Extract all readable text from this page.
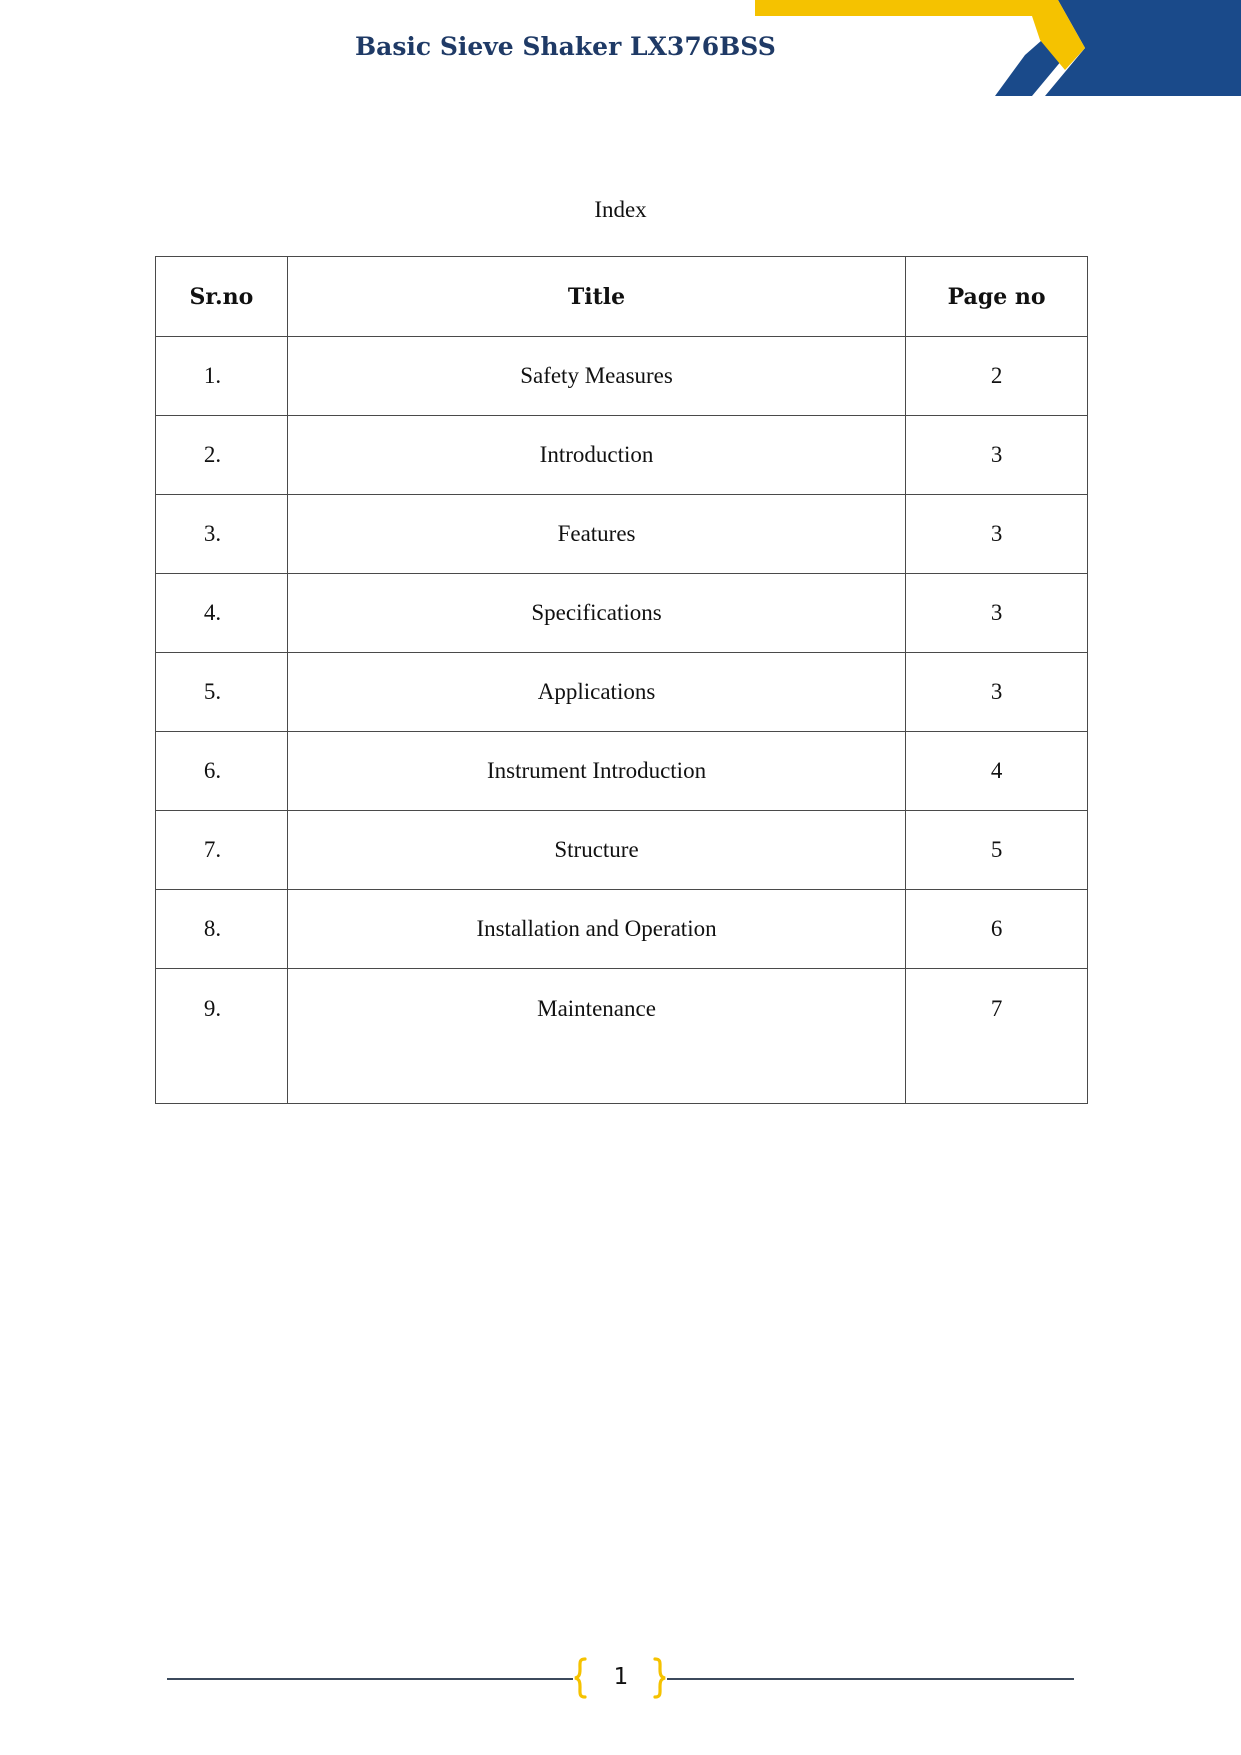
Basic Sieve Shaker LX376BSS
Index
Sr.no	Title	Page no
1.	Safety Measures	2
2.	Introduction	3
3.	Features	3
4.	Specifications	3
5.	Applications	3
6.	Instrument Introduction	4
7.	Structure	5
8.	Installation and Operation	6
9.	Maintenance	7
1
